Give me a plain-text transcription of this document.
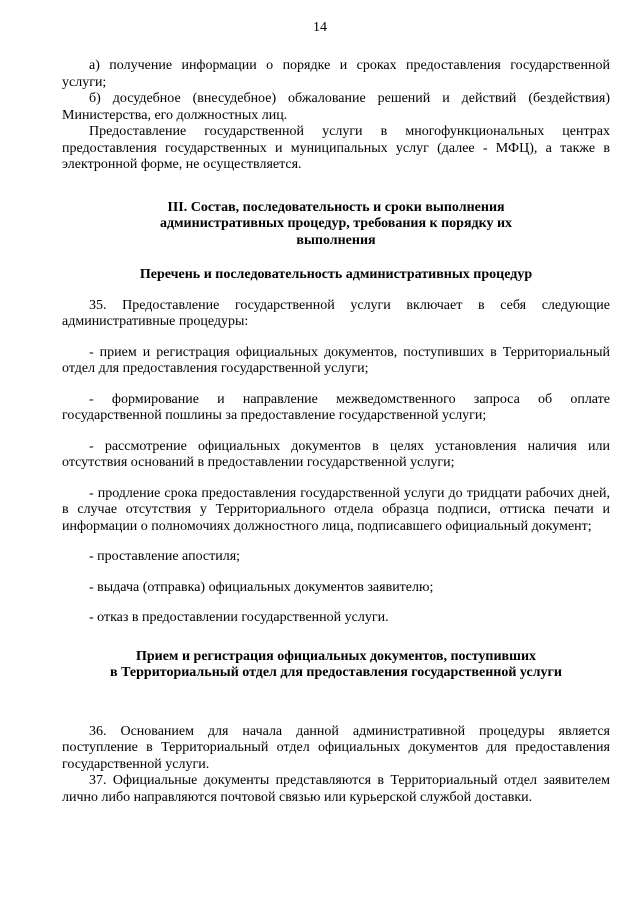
14

а) получение информации о порядке и сроках предоставления государственной услуги;

б) досудебное (внесудебное) обжалование решений и действий (бездействия) Министерства, его должностных лиц.

Предоставление государственной услуги в многофункциональных центрах предоставления государственных и муниципальных услуг (далее - МФЦ), а также в электронной форме, не осуществляется.

III. Состав, последовательность и сроки выполнения
административных процедур, требования к порядку их
выполнения
Перечень и последовательность административных процедур

35. Предоставление государственной услуги включает в себя следующие административные процедуры:

- прием и регистрация официальных документов, поступивших в Территориальный отдел для предоставления государственной услуги;

- формирование и направление межведомственного запроса об оплате государственной пошлины за предоставление государственной услуги;

- рассмотрение официальных документов в целях установления наличия или отсутствия оснований в предоставлении государственной услуги;

- продление срока предоставления государственной услуги до тридцати рабочих дней, в случае отсутствия у Территориального отдела образца подписи, оттиска печати и информации о полномочиях должностного лица, подписавшего официальный документ;

- проставление апостиля;

- выдача (отправка) официальных документов заявителю;

- отказ в предоставлении государственной услуги.

Прием и регистрация официальных документов, поступивших
в Территориальный отдел для предоставления государственной услуги

36. Основанием для начала данной административной процедуры является поступление в Территориальный отдел официальных документов для предоставления государственной услуги.

37. Официальные документы представляются в Территориальный отдел заявителем лично либо направляются почтовой связью или курьерской службой доставки.
